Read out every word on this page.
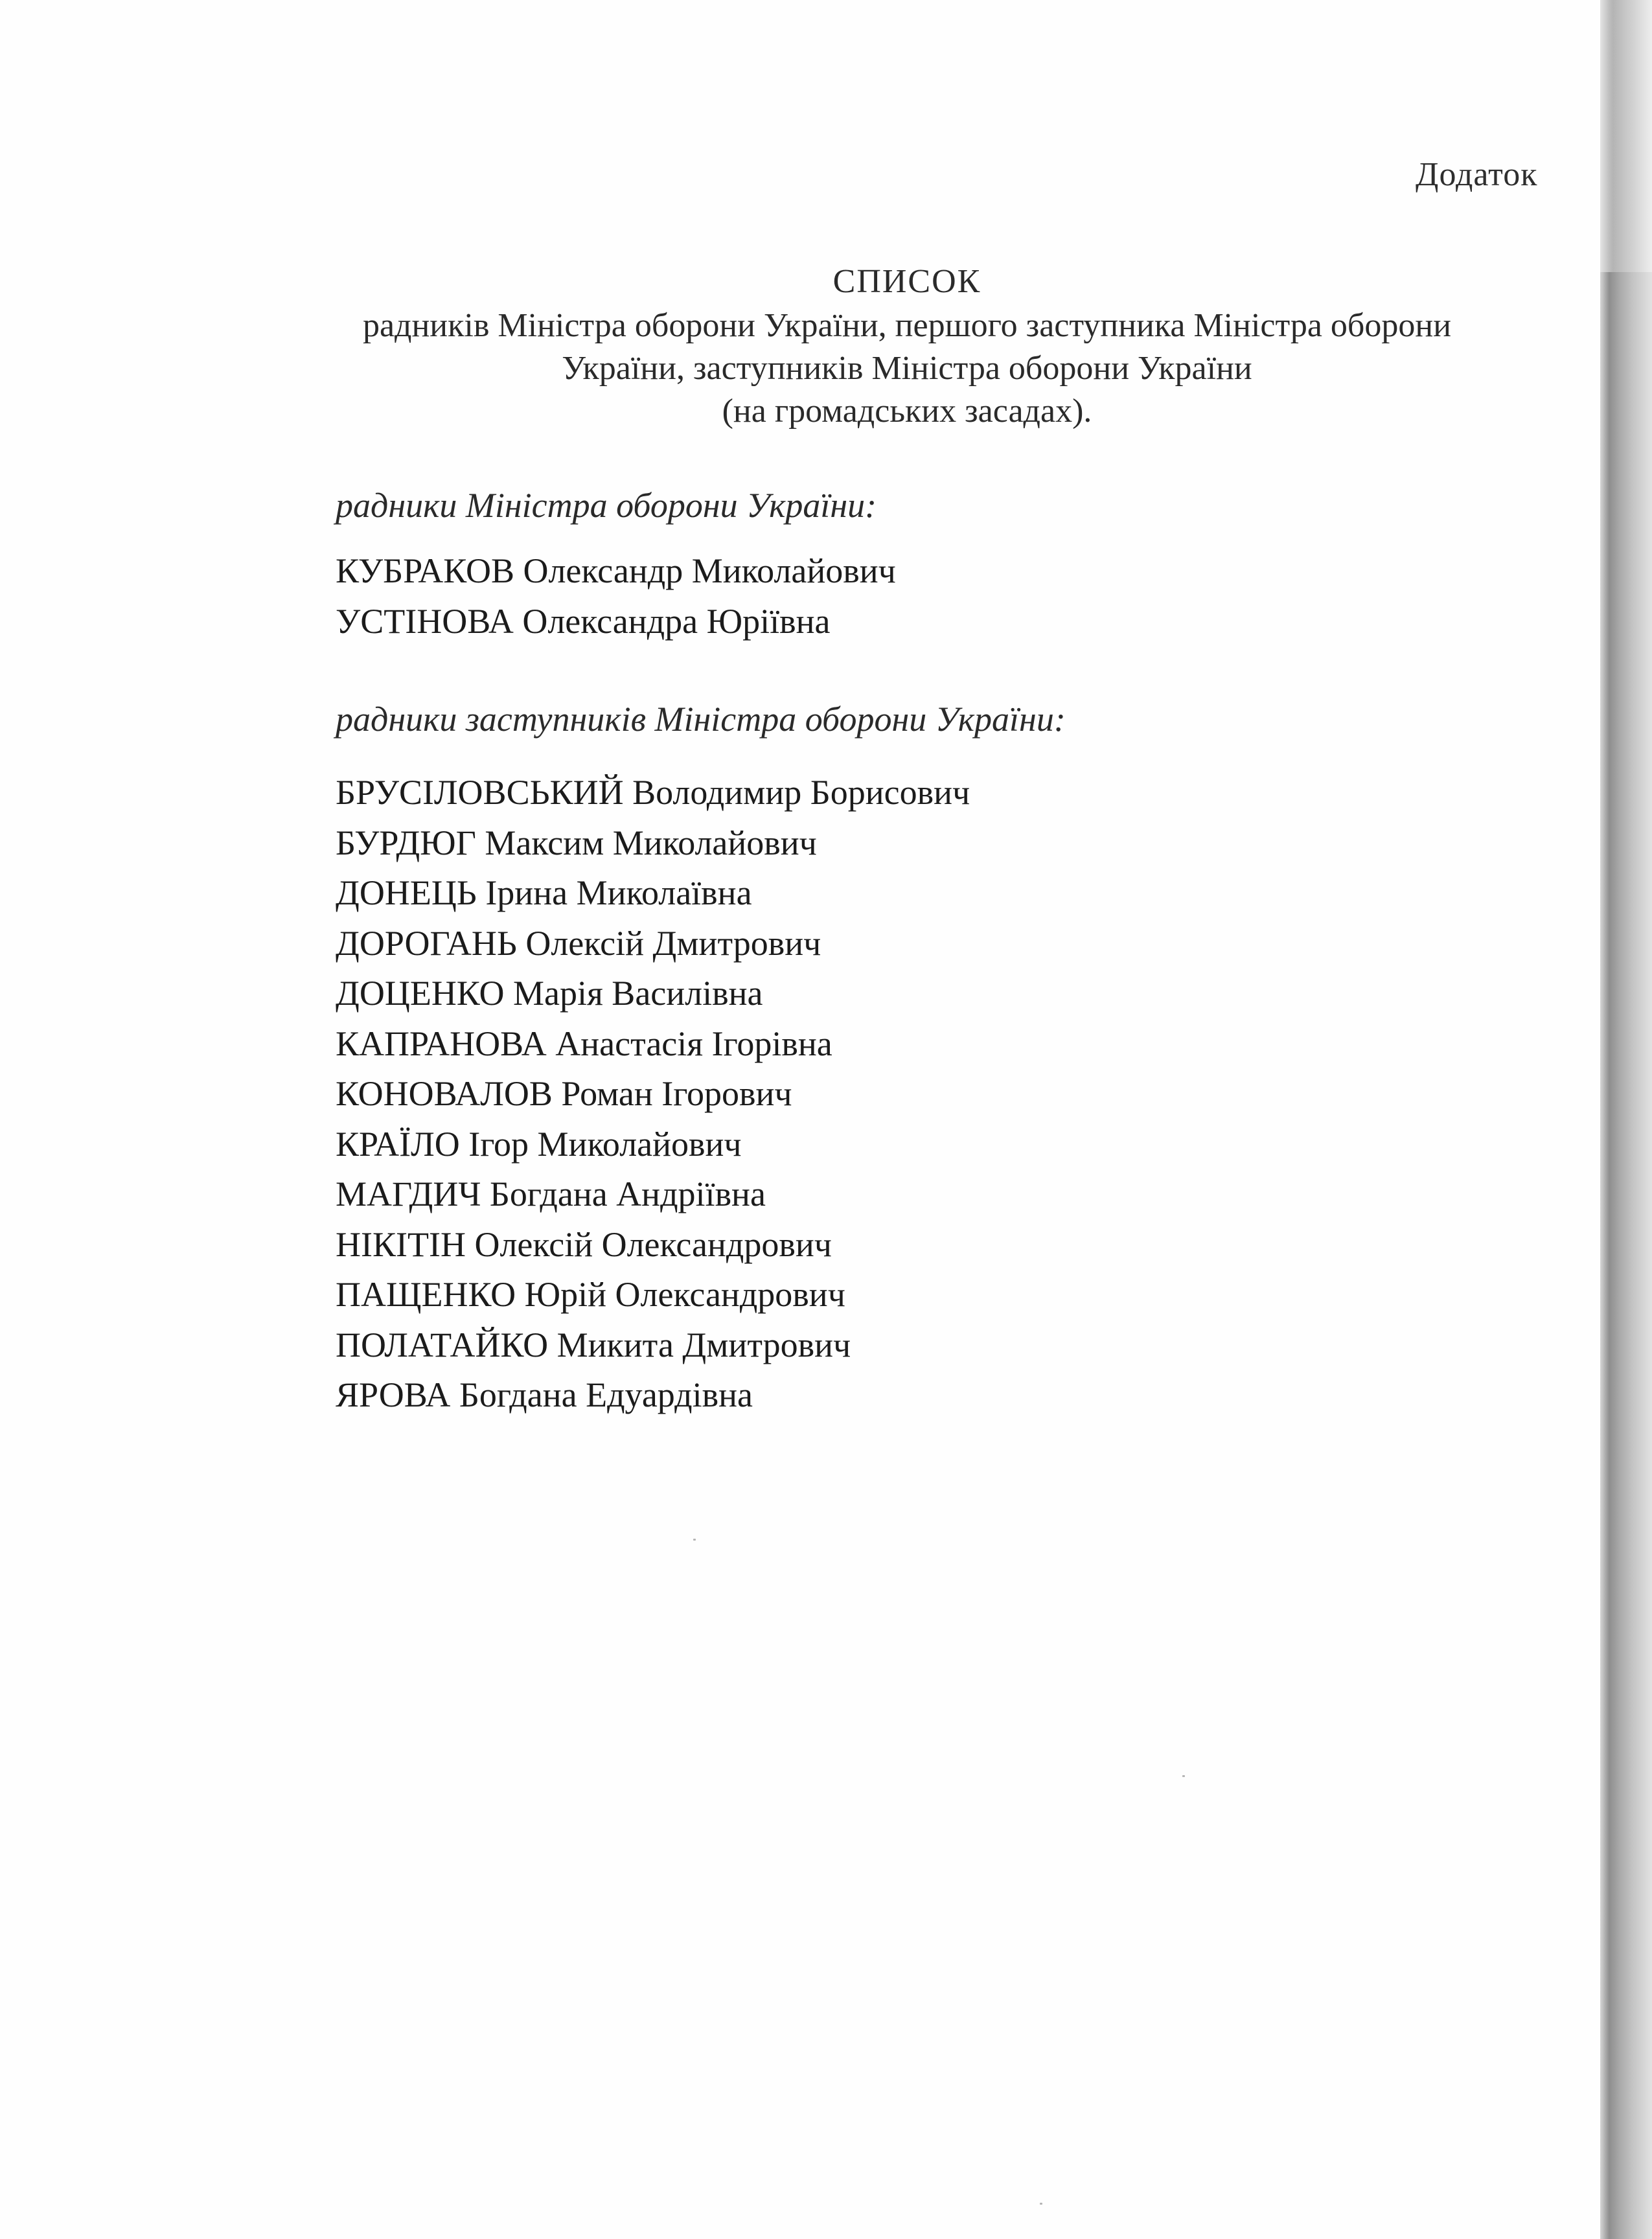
Додаток
СПИСОК
радників Міністра оборони України, першого заступника Міністра оборони
України, заступників Міністра оборони України
(на громадських засадах).

радники Міністра оборони України:

КУБРАКОВ Олександр Миколайович
УСТІНОВА Олександра Юріївна

радники заступників Міністра оборони України:

БРУСІЛОВСЬКИЙ Володимир Борисович
БУРДЮГ Максим Миколайович
ДОНЕЦЬ Ірина Миколаївна
ДОРОГАНЬ Олексій Дмитрович
ДОЦЕНКО Марія Василівна
КАПРАНОВА Анастасія Ігорівна
КОНОВАЛОВ Роман Ігорович
КРАЇЛО Ігор Миколайович
МАГДИЧ Богдана Андріївна
НІКІТІН Олексій Олександрович
ПАЩЕНКО Юрій Олександрович
ПОЛАТАЙКО Микита Дмитрович
ЯРОВА Богдана Едуардівна
